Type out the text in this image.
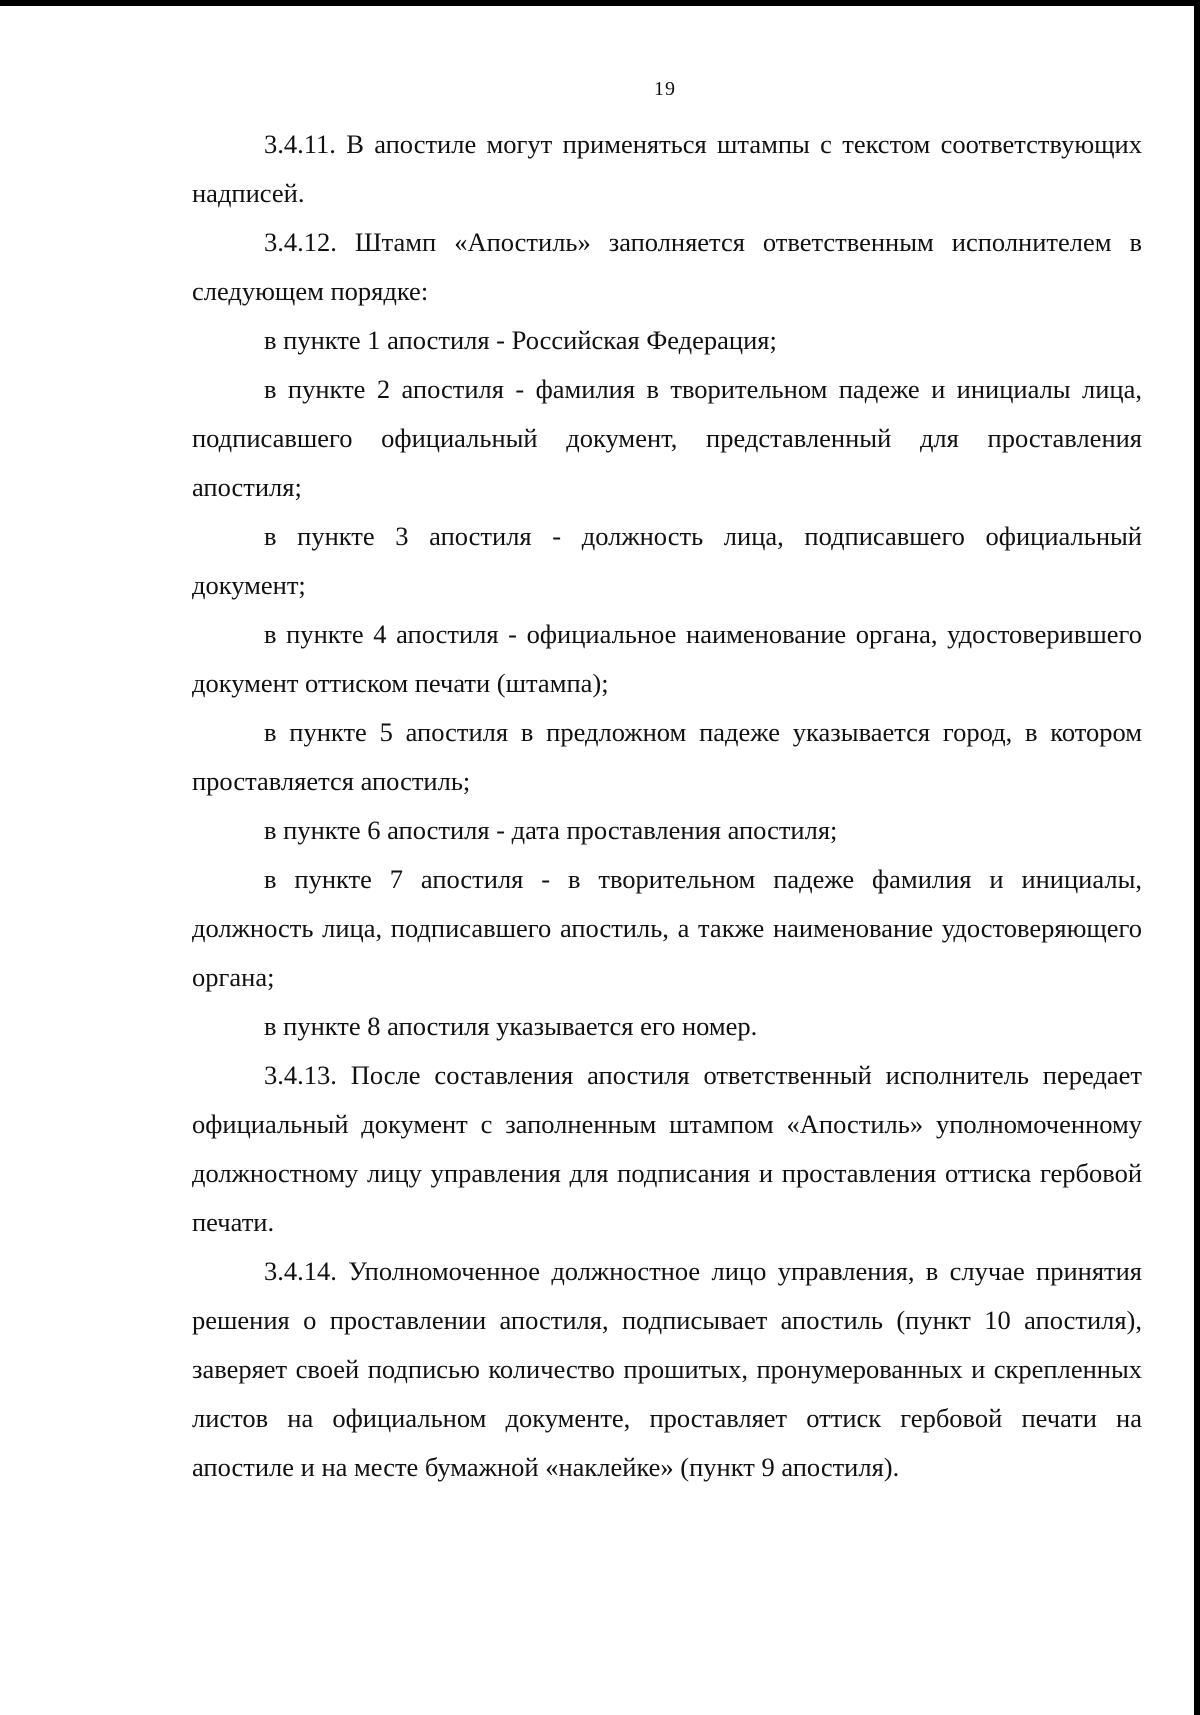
19

3.4.11. В апостиле могут применяться штампы с текстом соответствующих надписей.

3.4.12. Штамп «Апостиль» заполняется ответственным исполнителем в следующем порядке:

в пункте 1 апостиля - Российская Федерация;

в пункте 2 апостиля - фамилия в творительном падеже и инициалы лица, подписавшего официальный документ, представленный для проставления апостиля;

в пункте 3 апостиля - должность лица, подписавшего официальный документ;

в пункте 4 апостиля - официальное наименование органа, удостоверившего документ оттиском печати (штампа);

в пункте 5 апостиля в предложном падеже указывается город, в котором проставляется апостиль;

в пункте 6 апостиля - дата проставления апостиля;

в пункте 7 апостиля - в творительном падеже фамилия и инициалы, должность лица, подписавшего апостиль, а также наименование удостоверяющего органа;

в пункте 8 апостиля указывается его номер.

3.4.13. После составления апостиля ответственный исполнитель передает официальный документ с заполненным штампом «Апостиль» уполномоченному должностному лицу управления для подписания и проставления оттиска гербовой печати.

3.4.14. Уполномоченное должностное лицо управления, в случае принятия решения о проставлении апостиля, подписывает апостиль (пункт 10 апостиля), заверяет своей подписью количество прошитых, пронумерованных и скрепленных листов на официальном документе, проставляет оттиск гербовой печати на апостиле и на месте бумажной «наклейке» (пункт 9 апостиля).
